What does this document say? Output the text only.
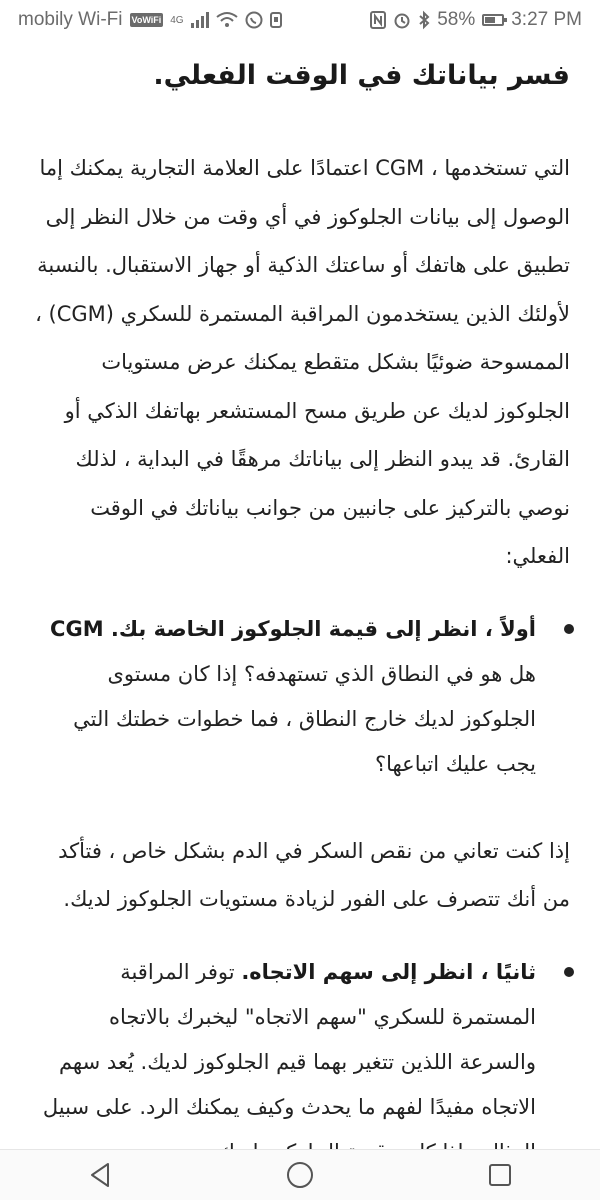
mobily Wi-Fi VoWiFi 4G	58% 3:27 PM
فسر بياناتك في الوقت الفعلي.
التي تستخدمها ، CGM اعتمادًا على العلامة التجارية يمكنك إما الوصول إلى بيانات الجلوكوز في أي وقت من خلال النظر إلى تطبيق على هاتفك أو ساعتك الذكية أو جهاز الاستقبال. بالنسبة لأولئك الذين يستخدمون المراقبة المستمرة للسكري (CGM) ، الممسوحة ضوئيًا بشكل متقطع يمكنك عرض مستويات الجلوكوز لديك عن طريق مسح المستشعر بهاتفك الذكي أو القارئ. قد يبدو النظر إلى بياناتك مرهقًا في البداية ، لذلك نوصي بالتركيز على جانبين من جوانب بياناتك في الوقت الفعلي:
أولاً ، انظر إلى قيمة الجلوكوز الخاصة بك. CGM هل هو في النطاق الذي تستهدفه؟ إذا كان مستوى الجلوكوز لديك خارج النطاق ، فما خطوات خطتك التي يجب عليك اتباعها؟
إذا كنت تعاني من نقص السكر في الدم بشكل خاص ، فتأكد من أنك تتصرف على الفور لزيادة مستويات الجلوكوز لديك.
ثانيًا ، انظر إلى سهم الاتجاه. توفر المراقبة المستمرة للسكري "سهم الاتجاه" ليخبرك بالاتجاه والسرعة اللذين تتغير بهما قيم الجلوكوز لديك. يُعد سهم الاتجاه مفيدًا لفهم ما يحدث وكيف يمكنك الرد. على سبيل
